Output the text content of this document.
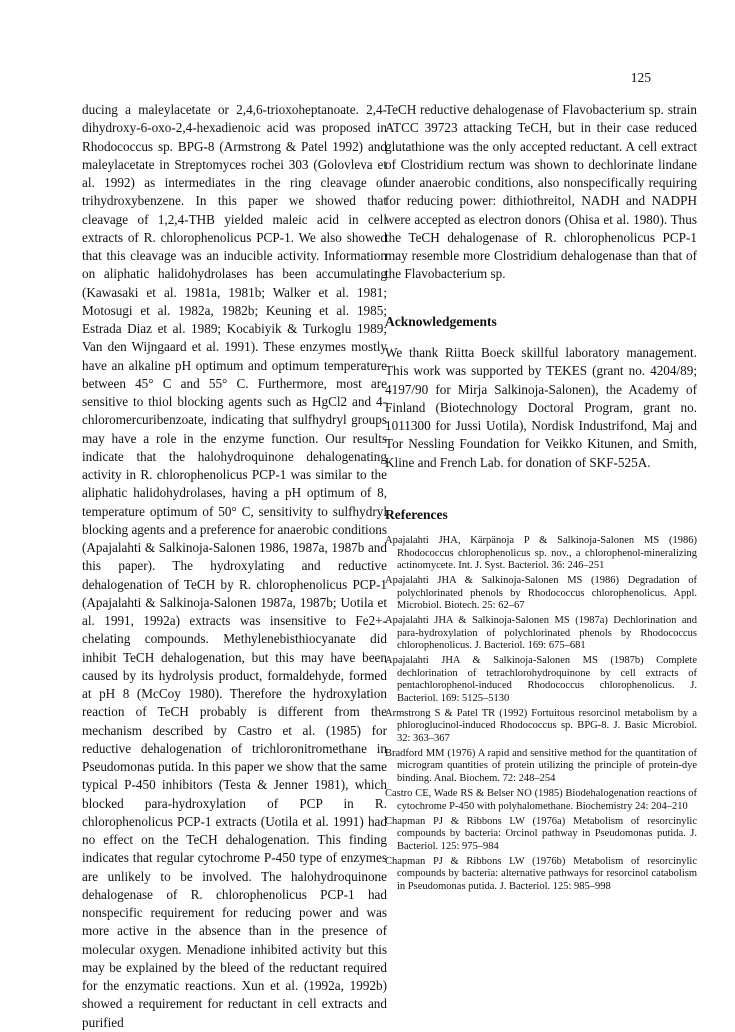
125

ducing a maleylacetate or 2,4,6-trioxoheptanoate. 2,4-dihydroxy-6-oxo-2,4-hexadienoic acid was proposed in Rhodococcus sp. BPG-8 (Armstrong & Patel 1992) and maleylacetate in Streptomyces rochei 303 (Golovleva et al. 1992) as intermediates in the ring cleavage of trihydroxybenzene. In this paper we showed that cleavage of 1,2,4-THB yielded maleic acid in cell extracts of R. chlorophenolicus PCP-1. We also showed that this cleavage was an inducible activity. Information on aliphatic halidohydrolases has been accumulating (Kawasaki et al. 1981a, 1981b; Walker et al. 1981; Motosugi et al. 1982a, 1982b; Keuning et al. 1985; Estrada Diaz et al. 1989; Kocabiyik & Turkoglu 1989; Van den Wijngaard et al. 1991). These enzymes mostly have an alkaline pH optimum and optimum temperature between 45° C and 55° C. Furthermore, most are sensitive to thiol blocking agents such as HgCl2 and 4-chloromercuribenzoate, indicating that sulfhydryl groups may have a role in the enzyme function. Our results indicate that the halohydroquinone dehalogenating activity in R. chlorophenolicus PCP-1 was similar to the aliphatic halidohydrolases, having a pH optimum of 8, temperature optimum of 50° C, sensitivity to sulfhydryl blocking agents and a preference for anaerobic conditions (Apajalahti & Salkinoja-Salonen 1986, 1987a, 1987b and this paper). The hydroxylating and reductive dehalogenation of TeCH by R. chlorophenolicus PCP-1 (Apajalahti & Salkinoja-Salonen 1987a, 1987b; Uotila et al. 1991, 1992a) extracts was insensitive to Fe2+-chelating compounds. Methylenebisthiocyanate did inhibit TeCH dehalogenation, but this may have been caused by its hydrolysis product, formaldehyde, formed at pH 8 (McCoy 1980). Therefore the hydroxylation reaction of TeCH probably is different from the mechanism described by Castro et al. (1985) for reductive dehalogenation of trichloronitromethane in Pseudomonas putida. In this paper we show that the same typical P-450 inhibitors (Testa & Jenner 1981), which blocked para-hydroxylation of PCP in R. chlorophenolicus PCP-1 extracts (Uotila et al. 1991) had no effect on the TeCH dehalogenation. This finding indicates that regular cytochrome P-450 type of enzymes are unlikely to be involved. The halohydroquinone dehalogenase of R. chlorophenolicus PCP-1 had nonspecific requirement for reducing power and was more active in the absence than in the presence of molecular oxygen. Menadione inhibited activity but this may be explained by the bleed of the reductant required for the enzymatic reactions. Xun et al. (1992a, 1992b) showed a requirement for reductant in cell extracts and purified

TeCH reductive dehalogenase of Flavobacterium sp. strain ATCC 39723 attacking TeCH, but in their case reduced glutathione was the only accepted reductant. A cell extract of Clostridium rectum was shown to dechlorinate lindane under anaerobic conditions, also nonspecifically requiring for reducing power: dithiothreitol, NADH and NADPH were accepted as electron donors (Ohisa et al. 1980). Thus the TeCH dehalogenase of R. chlorophenolicus PCP-1 may resemble more Clostridium dehalogenase than that of the Flavobacterium sp.

Acknowledgements

We thank Riitta Boeck skillful laboratory management. This work was supported by TEKES (grant no. 4204/89; 4197/90 for Mirja Salkinoja-Salonen), the Academy of Finland (Biotechnology Doctoral Program, grant no. 1011300 for Jussi Uotila), Nordisk Industrifond, Maj and Tor Nessling Foundation for Veikko Kitunen, and Smith, Kline and French Lab. for donation of SKF-525A.

References
Apajalahti JHA, Kärpänoja P & Salkinoja-Salonen MS (1986) Rhodococcus chlorophenolicus sp. nov., a chlorophenol-mineralizing actinomycete. Int. J. Syst. Bacteriol. 36: 246–251
Apajalahti JHA & Salkinoja-Salonen MS (1986) Degradation of polychlorinated phenols by Rhodococcus chlorophenolicus. Appl. Microbiol. Biotech. 25: 62–67
Apajalahti JHA & Salkinoja-Salonen MS (1987a) Dechlorination and para-hydroxylation of polychlorinated phenols by Rhodococcus chlorophenolicus. J. Bacteriol. 169: 675–681
Apajalahti JHA & Salkinoja-Salonen MS (1987b) Complete dechlorination of tetrachlorohydroquinone by cell extracts of pentachlorophenol-induced Rhodococcus chlorophenolicus. J. Bacteriol. 169: 5125–5130
Armstrong S & Patel TR (1992) Fortuitous resorcinol metabolism by a phloroglucinol-induced Rhodococcus sp. BPG-8. J. Basic Microbiol. 32: 363–367
Bradford MM (1976) A rapid and sensitive method for the quantitation of microgram quantities of protein utilizing the principle of protein-dye binding. Anal. Biochem. 72: 248–254
Castro CE, Wade RS & Belser NO (1985) Biodehalogenation reactions of cytochrome P-450 with polyhalomethane. Biochemistry 24: 204–210
Chapman PJ & Ribbons LW (1976a) Metabolism of resorcinylic compounds by bacteria: Orcinol pathway in Pseudomonas putida. J. Bacteriol. 125: 975–984
Chapman PJ & Ribbons LW (1976b) Metabolism of resorcinylic compounds by bacteria: alternative pathways for resorcinol catabolism in Pseudomonas putida. J. Bacteriol. 125: 985–998
